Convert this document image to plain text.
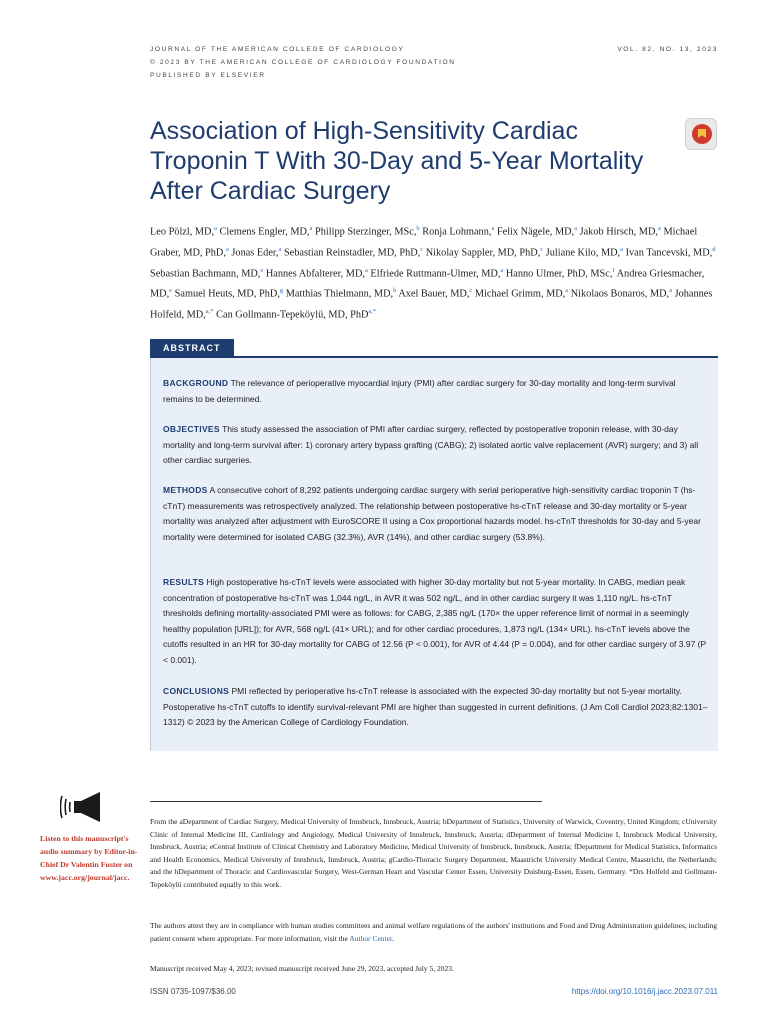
JOURNAL OF THE AMERICAN COLLEGE OF CARDIOLOGY
© 2023 BY THE AMERICAN COLLEGE OF CARDIOLOGY FOUNDATION
PUBLISHED BY ELSEVIER
VOL. 82, NO. 13, 2023
Association of High-Sensitivity Cardiac Troponin T With 30-Day and 5-Year Mortality After Cardiac Surgery
Leo Pölzl, MD,$^a$ Clemens Engler, MD,$^a$ Philipp Sterzinger, MSc,$^b$ Ronja Lohmann,$^a$ Felix Nägele, MD,$^a$ Jakob Hirsch, MD,$^a$ Michael Graber, MD, PhD,$^a$ Jonas Eder,$^a$ Sebastian Reinstadler, MD, PhD,$^c$ Nikolay Sappler, MD, PhD,$^c$ Juliane Kilo, MD,$^a$ Ivan Tancevski, MD,$^d$ Sebastian Bachmann, MD,$^e$ Hannes Abfalterer, MD,$^a$ Elfriede Ruttmann-Ulmer, MD,$^a$ Hanno Ulmer, PhD, MSc,$^f$ Andrea Griesmacher, MD,$^e$ Samuel Heuts, MD, PhD,$^g$ Matthias Thielmann, MD,$^h$ Axel Bauer, MD,$^c$ Michael Grimm, MD,$^a$ Nikolaos Bonaros, MD,$^a$ Johannes Holfeld, MD,$^{a,*}$ Can Gollmann-Tepeköylü, MD, PhD$^{a,*}$
ABSTRACT

BACKGROUND The relevance of perioperative myocardial injury (PMI) after cardiac surgery for 30-day mortality and long-term survival remains to be determined.

OBJECTIVES This study assessed the association of PMI after cardiac surgery, reflected by postoperative troponin release, with 30-day mortality and long-term survival after: 1) coronary artery bypass grafting (CABG); 2) isolated aortic valve replacement (AVR) surgery; and 3) all other cardiac surgeries.

METHODS A consecutive cohort of 8,292 patients undergoing cardiac surgery with serial perioperative high-sensitivity cardiac troponin T (hs-cTnT) measurements was retrospectively analyzed. The relationship between postoperative hs-cTnT release and 30-day mortality or 5-year mortality was analyzed after adjustment with EuroSCORE II using a Cox proportional hazards model. hs-cTnT thresholds for 30-day and 5-year mortality were determined for isolated CABG (32.3%), AVR (14%), and other cardiac surgery (53.8%).

RESULTS High postoperative hs-cTnT levels were associated with higher 30-day mortality but not 5-year mortality. In CABG, median peak concentration of postoperative hs-cTnT was 1,044 ng/L, in AVR it was 502 ng/L, and in other cardiac surgery it was 1,110 ng/L. hs-cTnT thresholds defining mortality-associated PMI were as follows: for CABG, 2,385 ng/L (170× the upper reference limit of normal in a seemingly healthy population [URL]); for AVR, 568 ng/L (41× URL); and for other cardiac procedures, 1,873 ng/L (134× URL). hs-cTnT levels above the cutoffs resulted in an HR for 30-day mortality for CABG of 12.56 (P < 0.001), for AVR of 4.44 (P = 0.004), and for other cardiac surgery of 3.97 (P < 0.001).

CONCLUSIONS PMI reflected by perioperative hs-cTnT release is associated with the expected 30-day mortality but not 5-year mortality. Postoperative hs-cTnT cutoffs to identify survival-relevant PMI are higher than suggested in current definitions. (J Am Coll Cardiol 2023;82:1301–1312) © 2023 by the American College of Cardiology Foundation.

Listen to this manuscript's audio summary by Editor-in-Chief Dr Valentin Fuster on www.jacc.org/journal/jacc.

From the aDepartment of Cardiac Surgery, Medical University of Innsbruck, Innsbruck, Austria; bDepartment of Statistics, University of Warwick, Coventry, United Kingdom; cUniversity Clinic of Internal Medicine III, Cardiology and Angiology, Medical University of Innsbruck, Innsbruck, Austria; dDepartment of Internal Medicine I, Innsbruck Medical University, Innsbruck, Austria; eCentral Institute of Clinical Chemistry and Laboratory Medicine, Medical University of Innsbruck, Innsbruck, Austria; fDepartment for Medical Statistics, Informatics and Health Economics, Medical University of Innsbruck, Innsbruck, Austria; gCardio-Thoracic Surgery Department, Maastricht University Medical Centre, Maastricht, the Netherlands; and the hDepartment of Thoracic and Cardiovascular Surgery, West-German Heart and Vascular Center Essen, University Duisburg-Essen, Essen, Germany. *Drs Holfeld and Gollmann-Tepeköylü contributed equally to this work.

The authors attest they are in compliance with human studies committees and animal welfare regulations of the authors' institutions and Food and Drug Administration guidelines, including patient consent where appropriate. For more information, visit the Author Center.

Manuscript received May 4, 2023; revised manuscript received June 29, 2023, accepted July 5, 2023.

ISSN 0735-1097/$36.00	https://doi.org/10.1016/j.jacc.2023.07.011
